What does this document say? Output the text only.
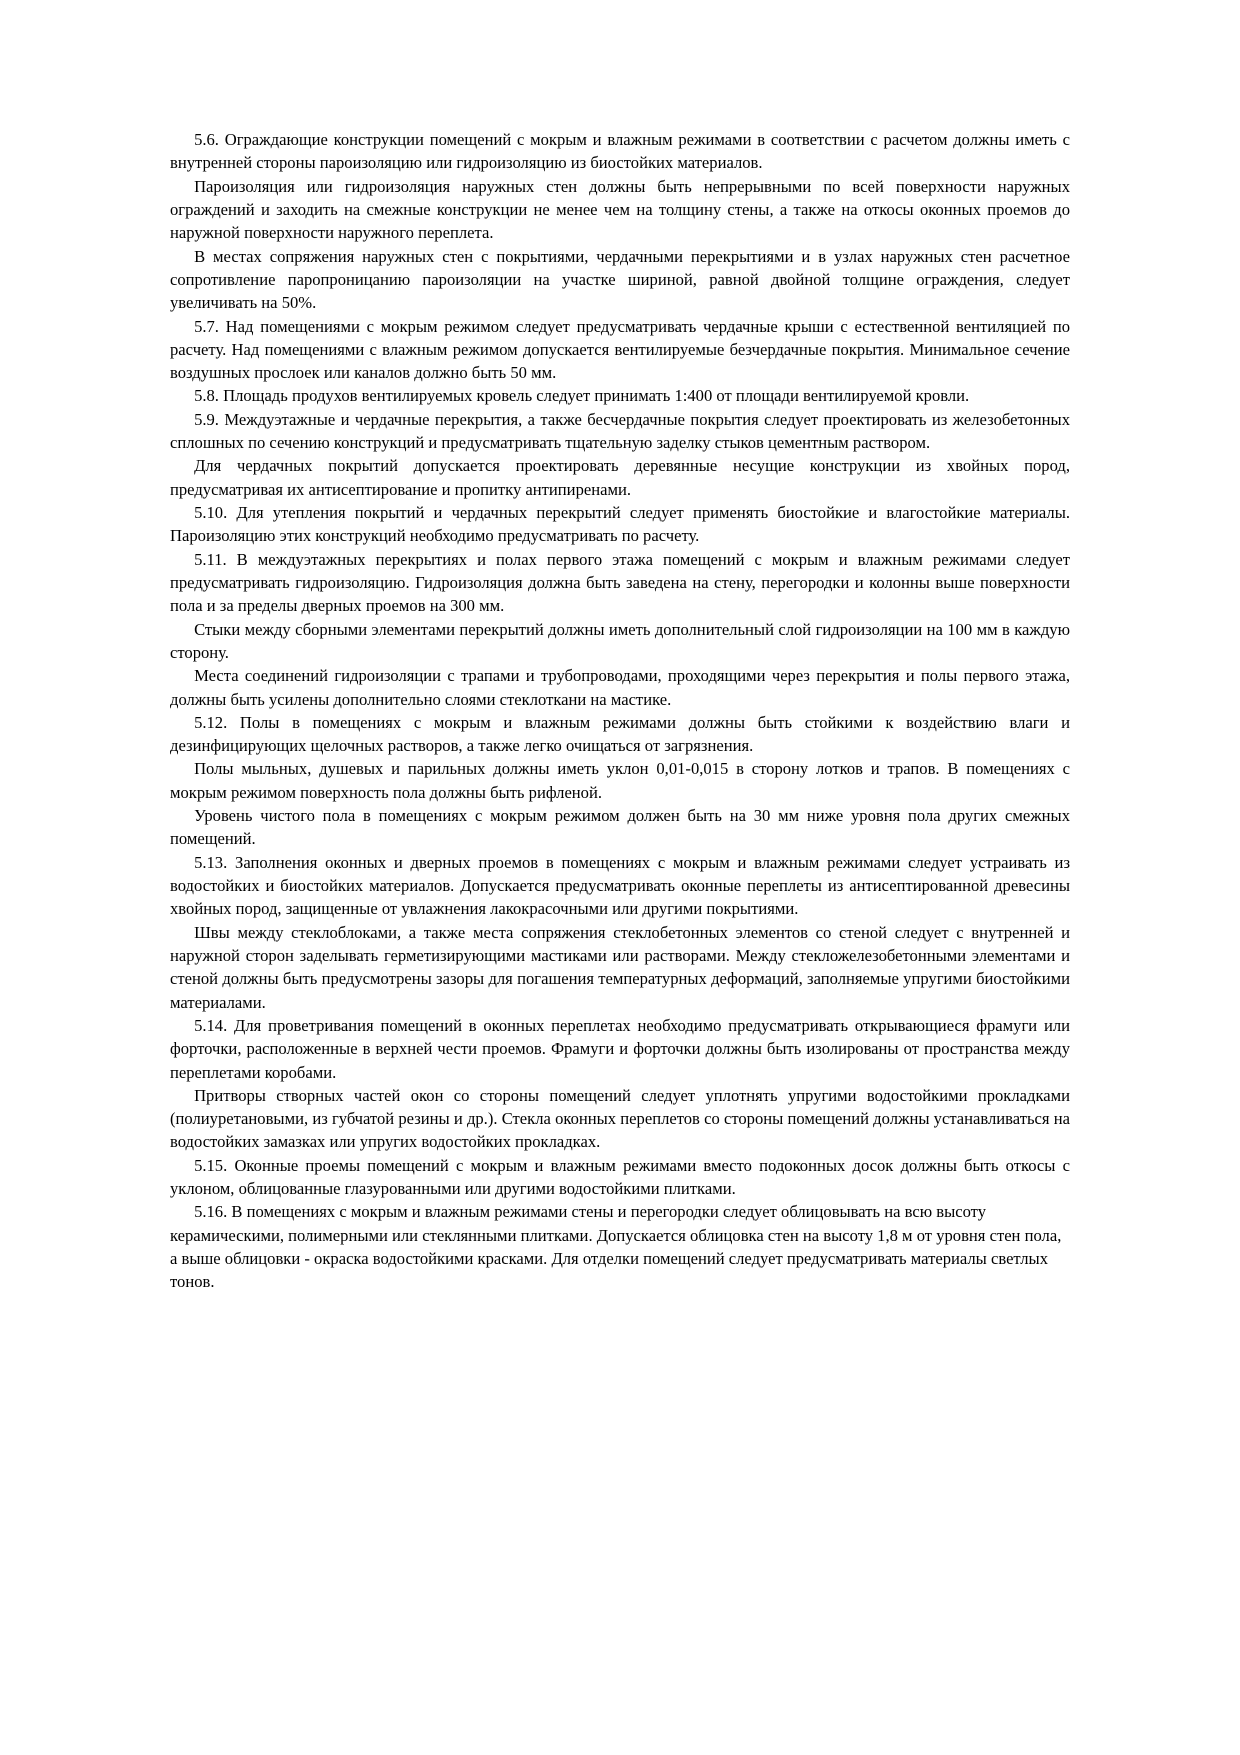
5.6. Ограждающие конструкции помещений с мокрым и влажным режимами в соответствии с расчетом должны иметь с внутренней стороны пароизоляцию или гидроизоляцию из биостойких материалов.

Пароизоляция или гидроизоляция наружных стен должны быть непрерывными по всей поверхности наружных ограждений и заходить на смежные конструкции не менее чем на толщину стены, а также на откосы оконных проемов до наружной поверхности наружного переплета.

В местах сопряжения наружных стен с покрытиями, чердачными перекрытиями и в узлах наружных стен расчетное сопротивление паропроницанию пароизоляции на участке шириной, равной двойной толщине ограждения, следует увеличивать на 50%.

5.7. Над помещениями с мокрым режимом следует предусматривать чердачные крыши с естественной вентиляцией по расчету. Над помещениями с влажным режимом допускается вентилируемые безчердачные покрытия. Минимальное сечение воздушных прослоек или каналов должно быть 50 мм.

5.8. Площадь продухов вентилируемых кровель следует принимать 1:400 от площади вентилируемой кровли.

5.9. Междуэтажные и чердачные перекрытия, а также бесчердачные покрытия следует проектировать из железобетонных сплошных по сечению конструкций и предусматривать тщательную заделку стыков цементным раствором.

Для чердачных покрытий допускается проектировать деревянные несущие конструкции из хвойных пород, предусматривая их антисептирование и пропитку антипиренами.

5.10. Для утепления покрытий и чердачных перекрытий следует применять биостойкие и влагостойкие материалы. Пароизоляцию этих конструкций необходимо предусматривать по расчету.

5.11. В междуэтажных перекрытиях и полах первого этажа помещений с мокрым и влажным режимами следует предусматривать гидроизоляцию. Гидроизоляция должна быть заведена на стену, перегородки и колонны выше поверхности пола и за пределы дверных проемов на 300 мм.

Стыки между сборными элементами перекрытий должны иметь дополнительный слой гидроизоляции на 100 мм в каждую сторону.

Места соединений гидроизоляции с трапами и трубопроводами, проходящими через перекрытия и полы первого этажа, должны быть усилены дополнительно слоями стеклоткани на мастике.

5.12. Полы в помещениях с мокрым и влажным режимами должны быть стойкими к воздействию влаги и дезинфицирующих щелочных растворов, а также легко очищаться от загрязнения.

Полы мыльных, душевых и парильных должны иметь уклон 0,01-0,015 в сторону лотков и трапов. В помещениях с мокрым режимом поверхность пола должны быть рифленой.

Уровень чистого пола в помещениях с мокрым режимом должен быть на 30 мм ниже уровня пола других смежных помещений.

5.13. Заполнения оконных и дверных проемов в помещениях с мокрым и влажным режимами следует устраивать из водостойких и биостойких материалов. Допускается предусматривать оконные переплеты из антисептированной древесины хвойных пород, защищенные от увлажнения лакокрасочными или другими покрытиями.

Швы между стеклоблоками, а также места сопряжения стеклобетонных элементов со стеной следует с внутренней и наружной сторон заделывать герметизирующими мастиками или растворами. Между стекложелезобетонными элементами и стеной должны быть предусмотрены зазоры для погашения температурных деформаций, заполняемые упругими биостойкими материалами.

5.14. Для проветривания помещений в оконных переплетах необходимо предусматривать открывающиеся фрамуги или форточки, расположенные в верхней чести проемов. Фрамуги и форточки должны быть изолированы от пространства между переплетами коробами.

Притворы створных частей окон со стороны помещений следует уплотнять упругими водостойкими прокладками (полиуретановыми, из губчатой резины и др.). Стекла оконных переплетов со стороны помещений должны устанавливаться на водостойких замазках или упругих водостойких прокладках.

5.15. Оконные проемы помещений с мокрым и влажным режимами вместо подоконных досок должны быть откосы с уклоном, облицованные глазурованными или другими водостойкими плитками.

5.16. В помещениях с мокрым и влажным режимами стены и перегородки следует облицовывать на всю высоту керамическими, полимерными или стеклянными плитками. Допускается облицовка стен на высоту 1,8 м от уровня стен пола, а выше облицовки - окраска водостойкими красками. Для отделки помещений следует предусматривать материалы светлых тонов.
